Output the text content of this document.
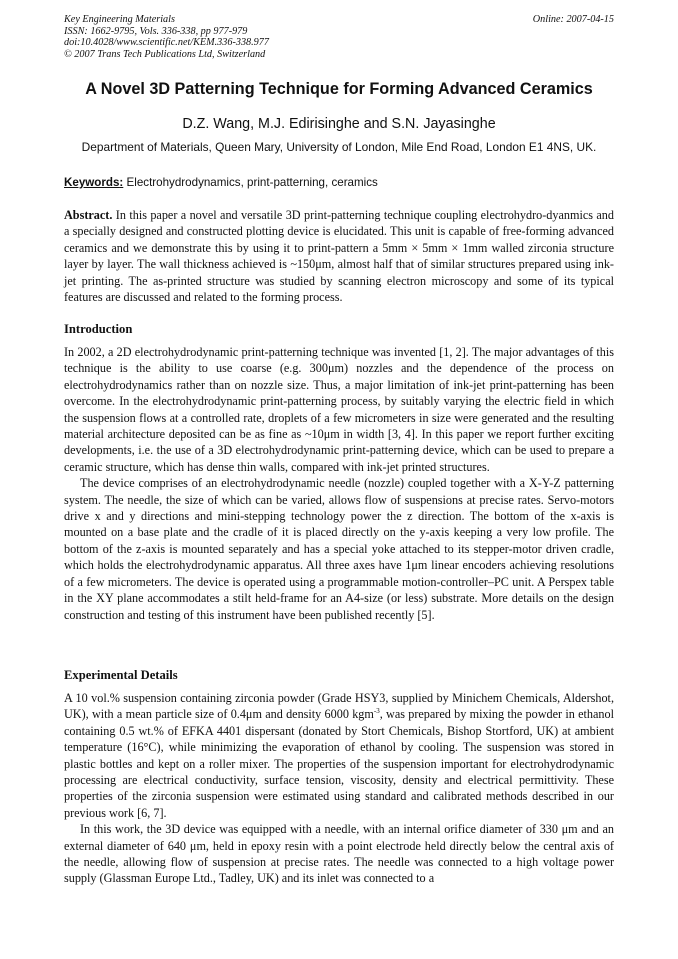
Key Engineering Materials
ISSN: 1662-9795, Vols. 336-338, pp 977-979
doi:10.4028/www.scientific.net/KEM.336-338.977
© 2007 Trans Tech Publications Ltd, Switzerland
Online: 2007-04-15
A Novel 3D Patterning Technique for Forming Advanced Ceramics
D.Z. Wang, M.J. Edirisinghe and S.N. Jayasinghe
Department of Materials, Queen Mary, University of London, Mile End Road, London E1 4NS, UK.
Keywords: Electrohydrodynamics, print-patterning, ceramics

Abstract. In this paper a novel and versatile 3D print-patterning technique coupling electrohydro-dyanmics and a specially designed and constructed plotting device is elucidated. This unit is capable of free-forming advanced ceramics and we demonstrate this by using it to print-pattern a 5mm × 5mm × 1mm walled zirconia structure layer by layer. The wall thickness achieved is ~150μm, almost half that of similar structures prepared using ink-jet printing. The as-printed structure was studied by scanning electron microscopy and some of its typical features are discussed and related to the forming process.

Introduction

In 2002, a 2D electrohydrodynamic print-patterning technique was invented [1, 2]. The major advantages of this technique is the ability to use coarse (e.g. 300μm) nozzles and the dependence of the process on electrohydrodynamics rather than on nozzle size. Thus, a major limitation of ink-jet print-patterning has been overcome. In the electrohydrodynamic print-patterning process, by suitably varying the electric field in which the suspension flows at a controlled rate, droplets of a few micrometers in size were generated and the resulting material architecture deposited can be as fine as ~10μm in width [3, 4]. In this paper we report further exciting developments, i.e. the use of a 3D electrohydrodynamic print-patterning device, which can be used to prepare a ceramic structure, which has dense thin walls, compared with ink-jet printed structures.

The device comprises of an electrohydrodynamic needle (nozzle) coupled together with a X-Y-Z patterning system. The needle, the size of which can be varied, allows flow of suspensions at precise rates. Servo-motors drive x and y directions and mini-stepping technology power the z direction. The bottom of the x-axis is mounted on a base plate and the cradle of it is placed directly on the y-axis keeping a very low profile. The bottom of the z-axis is mounted separately and has a special yoke attached to its stepper-motor driven cradle, which holds the electrohydrodynamic apparatus. All three axes have 1μm linear encoders achieving resolutions of a few micrometers. The device is operated using a programmable motion-controller–PC unit. A Perspex table in the XY plane accommodates a stilt held-frame for an A4-size (or less) substrate. More details on the design construction and testing of this instrument have been published recently [5].

Experimental Details

A 10 vol.% suspension containing zirconia powder (Grade HSY3, supplied by Minichem Chemicals, Aldershot, UK), with a mean particle size of 0.4μm and density 6000 kgm$^{-3}$, was prepared by mixing the powder in ethanol containing 0.5 wt.% of EFKA 4401 dispersant (donated by Stort Chemicals, Bishop Stortford, UK) at ambient temperature (16°C), while minimizing the evaporation of ethanol by cooling. The suspension was stored in plastic bottles and kept on a roller mixer. The properties of the suspension important for electrohydrodynamic processing are electrical conductivity, surface tension, viscosity, density and electrical permittivity. These properties of the zirconia suspension were estimated using standard and calibrated methods described in our previous work [6, 7].

In this work, the 3D device was equipped with a needle, with an internal orifice diameter of 330 μm and an external diameter of 640 μm, held in epoxy resin with a point electrode held directly below the central axis of the needle, allowing flow of suspension at precise rates. The needle was connected to a high voltage power supply (Glassman Europe Ltd., Tadley, UK) and its inlet was connected to a
